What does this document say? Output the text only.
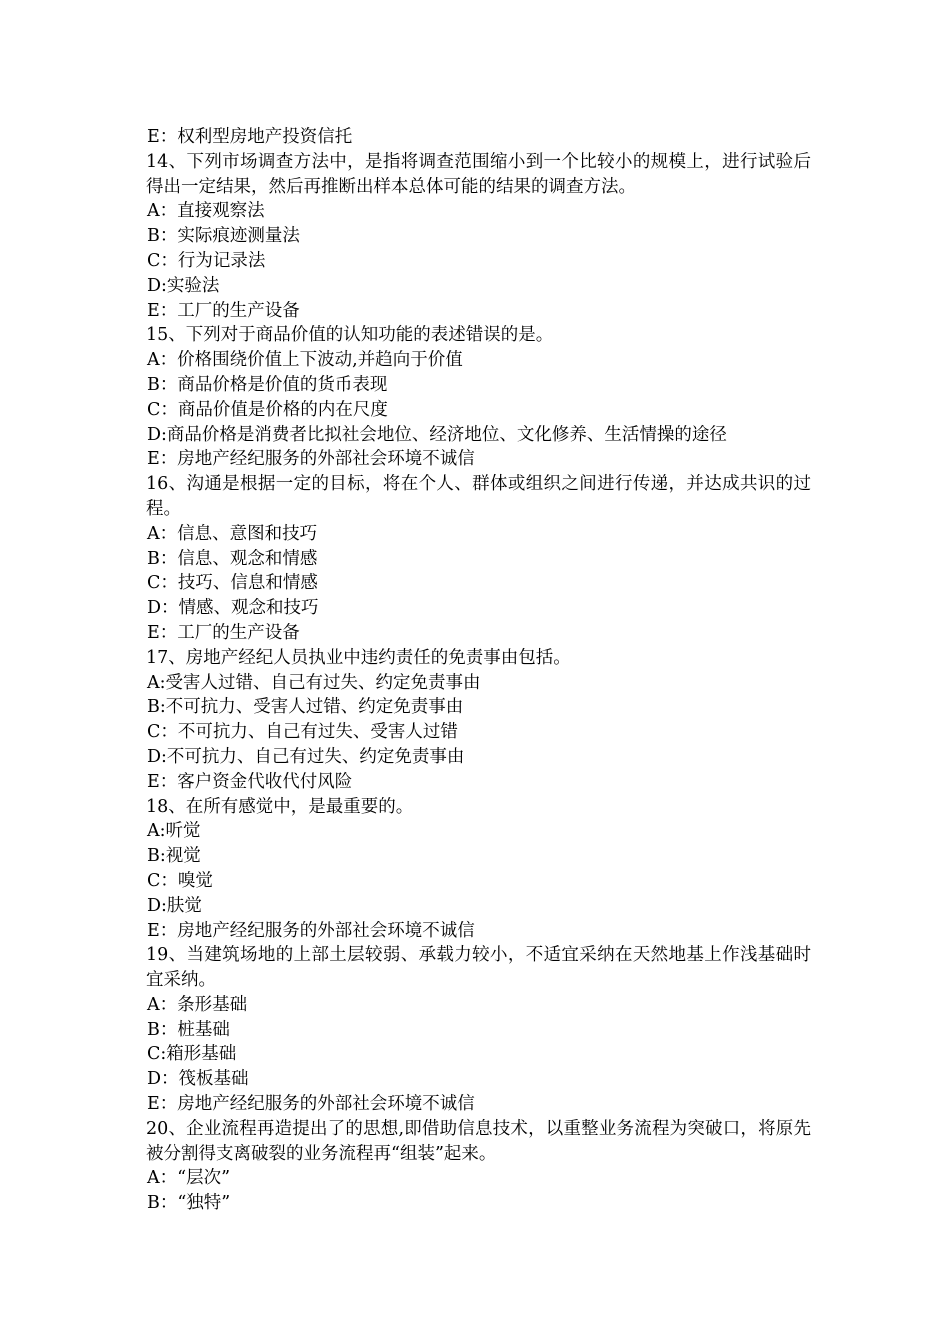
E：权利型房地产投资信托
14、下列市场调查方法中，是指将调查范围缩小到一个比较小的规模上，进行试验后得出一定结果，然后再推断出样本总体可能的结果的调查方法。
A：直接观察法
B：实际痕迹测量法
C：行为记录法
D:实验法
E：工厂的生产设备
15、下列对于商品价值的认知功能的表述错误的是。
A：价格围绕价值上下波动,并趋向于价值
B：商品价格是价值的货币表现
C：商品价值是价格的内在尺度
D:商品价格是消费者比拟社会地位、经济地位、文化修养、生活情操的途径
E：房地产经纪服务的外部社会环境不诚信
16、沟通是根据一定的目标，将在个人、群体或组织之间进行传递，并达成共识的过程。
A：信息、意图和技巧
B：信息、观念和情感
C：技巧、信息和情感
D：情感、观念和技巧
E：工厂的生产设备
17、房地产经纪人员执业中违约责任的免责事由包括。
A:受害人过错、自己有过失、约定免责事由
B:不可抗力、受害人过错、约定免责事由
C：不可抗力、自己有过失、受害人过错
D:不可抗力、自己有过失、约定免责事由
E：客户资金代收代付风险
18、在所有感觉中，是最重要的。
A:听觉
B:视觉
C：嗅觉
D:肤觉
E：房地产经纪服务的外部社会环境不诚信
19、当建筑场地的上部土层较弱、承载力较小，不适宜采纳在天然地基上作浅基础时宜采纳。
A：条形基础
B：桩基础
C:箱形基础
D：筏板基础
E：房地产经纪服务的外部社会环境不诚信
20、企业流程再造提出了的思想,即借助信息技术，以重整业务流程为突破口，将原先被分割得支离破裂的业务流程再“组装”起来。
A：“层次”
B：“独特”
